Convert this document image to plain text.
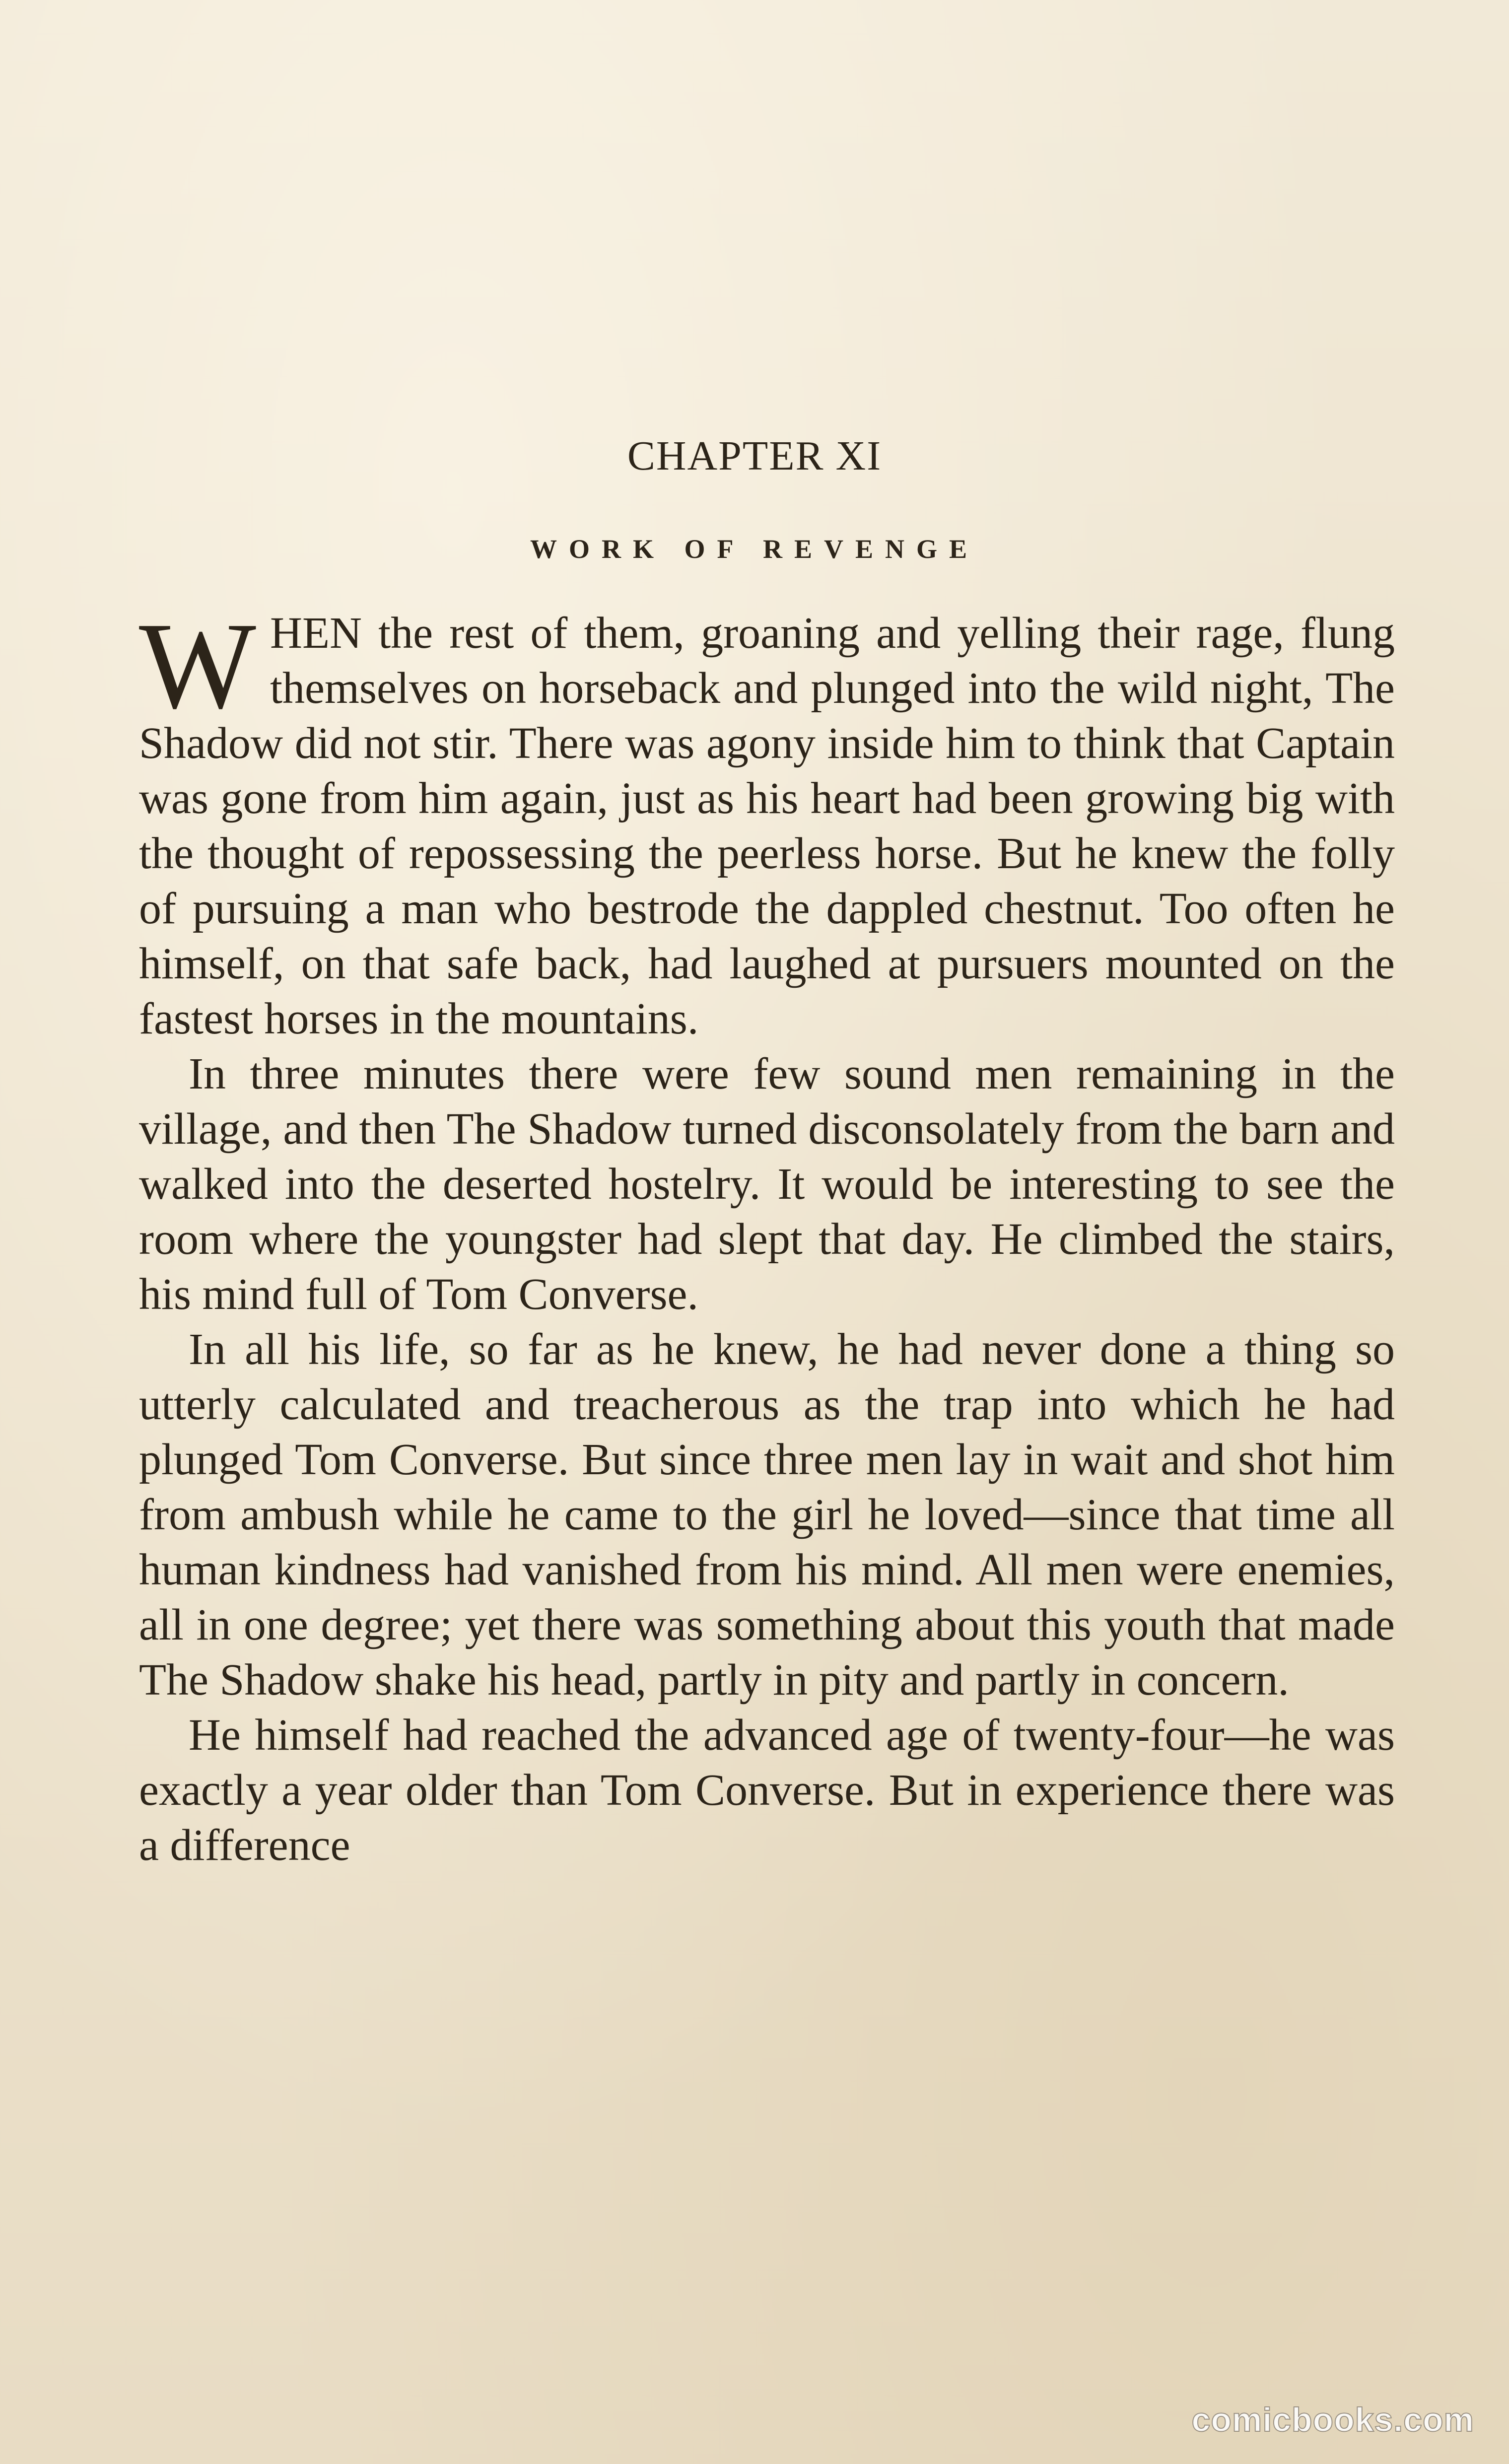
CHAPTER XI
WORK OF REVENGE

WHEN the rest of them, groaning and yelling their rage, flung themselves on horseback and plunged into the wild night, The Shadow did not stir. There was agony inside him to think that Captain was gone from him again, just as his heart had been growing big with the thought of repossessing the peerless horse. But he knew the folly of pursuing a man who bestrode the dappled chestnut. Too often he himself, on that safe back, had laughed at pursuers mounted on the fastest horses in the mountains.

In three minutes there were few sound men remaining in the village, and then The Shadow turned disconsolately from the barn and walked into the deserted hostelry. It would be interesting to see the room where the youngster had slept that day. He climbed the stairs, his mind full of Tom Converse.

In all his life, so far as he knew, he had never done a thing so utterly calculated and treacherous as the trap into which he had plunged Tom Converse. But since three men lay in wait and shot him from ambush while he came to the girl he loved—since that time all human kindness had vanished from his mind. All men were enemies, all in one degree; yet there was something about this youth that made The Shadow shake his head, partly in pity and partly in concern.

He himself had reached the advanced age of twenty-four—he was exactly a year older than Tom Converse. But in experience there was a difference

comicbooks.com
